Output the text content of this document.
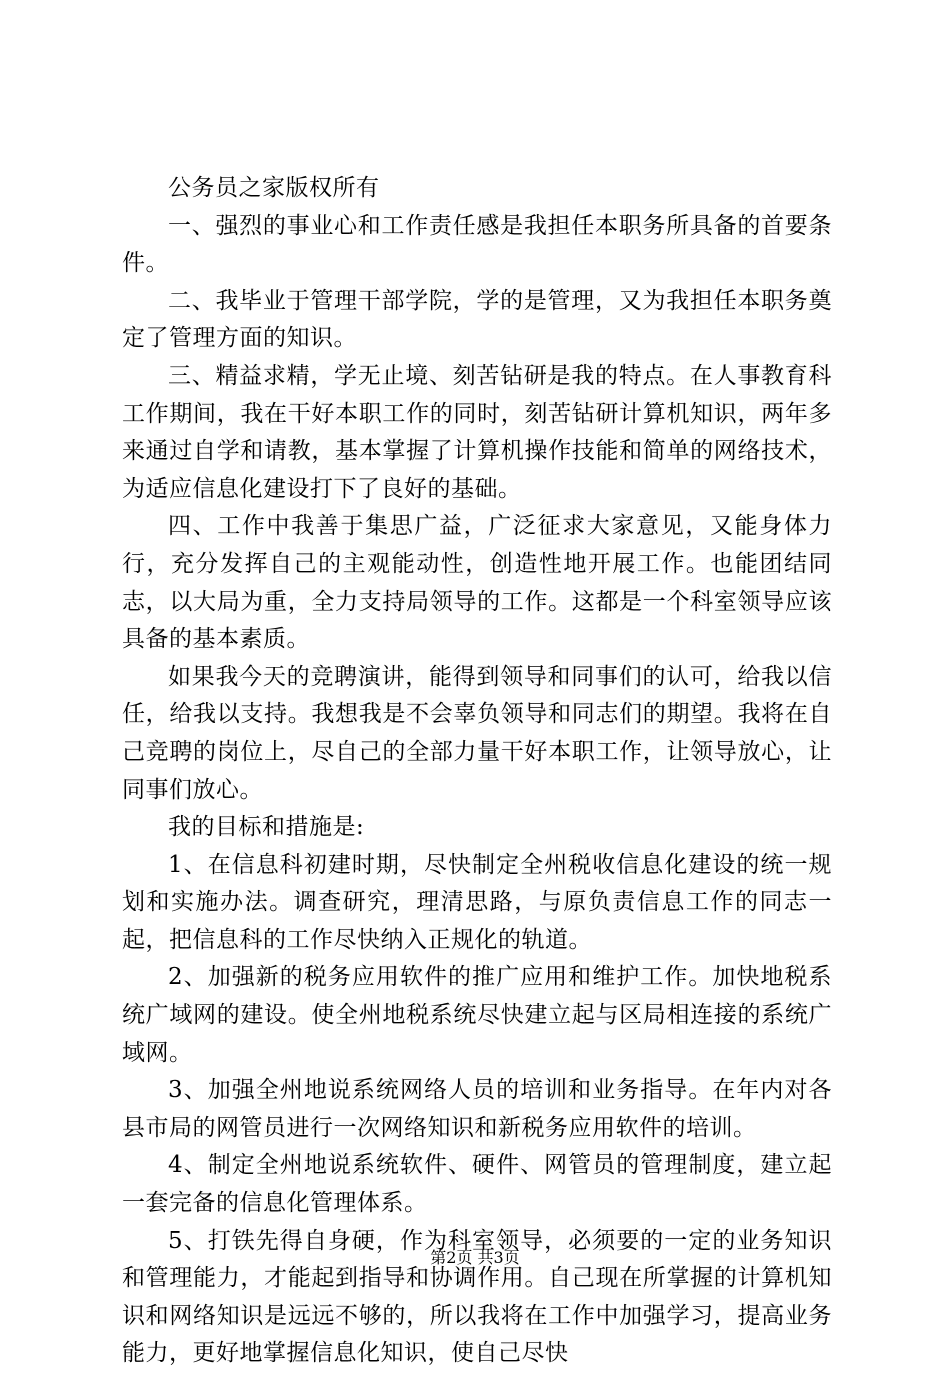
公务员之家版权所有

一、强烈的事业心和工作责任感是我担任本职务所具备的首要条件。

二、我毕业于管理干部学院，学的是管理，又为我担任本职务奠定了管理方面的知识。

三、精益求精，学无止境、刻苦钻研是我的特点。在人事教育科工作期间，我在干好本职工作的同时，刻苦钻研计算机知识，两年多来通过自学和请教，基本掌握了计算机操作技能和简单的网络技术，为适应信息化建设打下了良好的基础。

四、工作中我善于集思广益，广泛征求大家意见，又能身体力行，充分发挥自己的主观能动性，创造性地开展工作。也能团结同志，以大局为重，全力支持局领导的工作。这都是一个科室领导应该具备的基本素质。

如果我今天的竞聘演讲，能得到领导和同事们的认可，给我以信任，给我以支持。我想我是不会辜负领导和同志们的期望。我将在自己竞聘的岗位上，尽自己的全部力量干好本职工作，让领导放心，让同事们放心。

我的目标和措施是:

1、在信息科初建时期，尽快制定全州税收信息化建设的统一规划和实施办法。调查研究，理清思路，与原负责信息工作的同志一起，把信息科的工作尽快纳入正规化的轨道。

2、加强新的税务应用软件的推广应用和维护工作。加快地税系统广域网的建设。使全州地税系统尽快建立起与区局相连接的系统广域网。

3、加强全州地说系统网络人员的培训和业务指导。在年内对各县市局的网管员进行一次网络知识和新税务应用软件的培训。

4、制定全州地说系统软件、硬件、网管员的管理制度，建立起一套完备的信息化管理体系。

5、打铁先得自身硬，作为科室领导，必须要的一定的业务知识和管理能力，才能起到指导和协调作用。自己现在所掌握的计算机知识和网络知识是远远不够的，所以我将在工作中加强学习，提高业务能力，更好地掌握信息化知识，使自己尽快

第2页 共3页
